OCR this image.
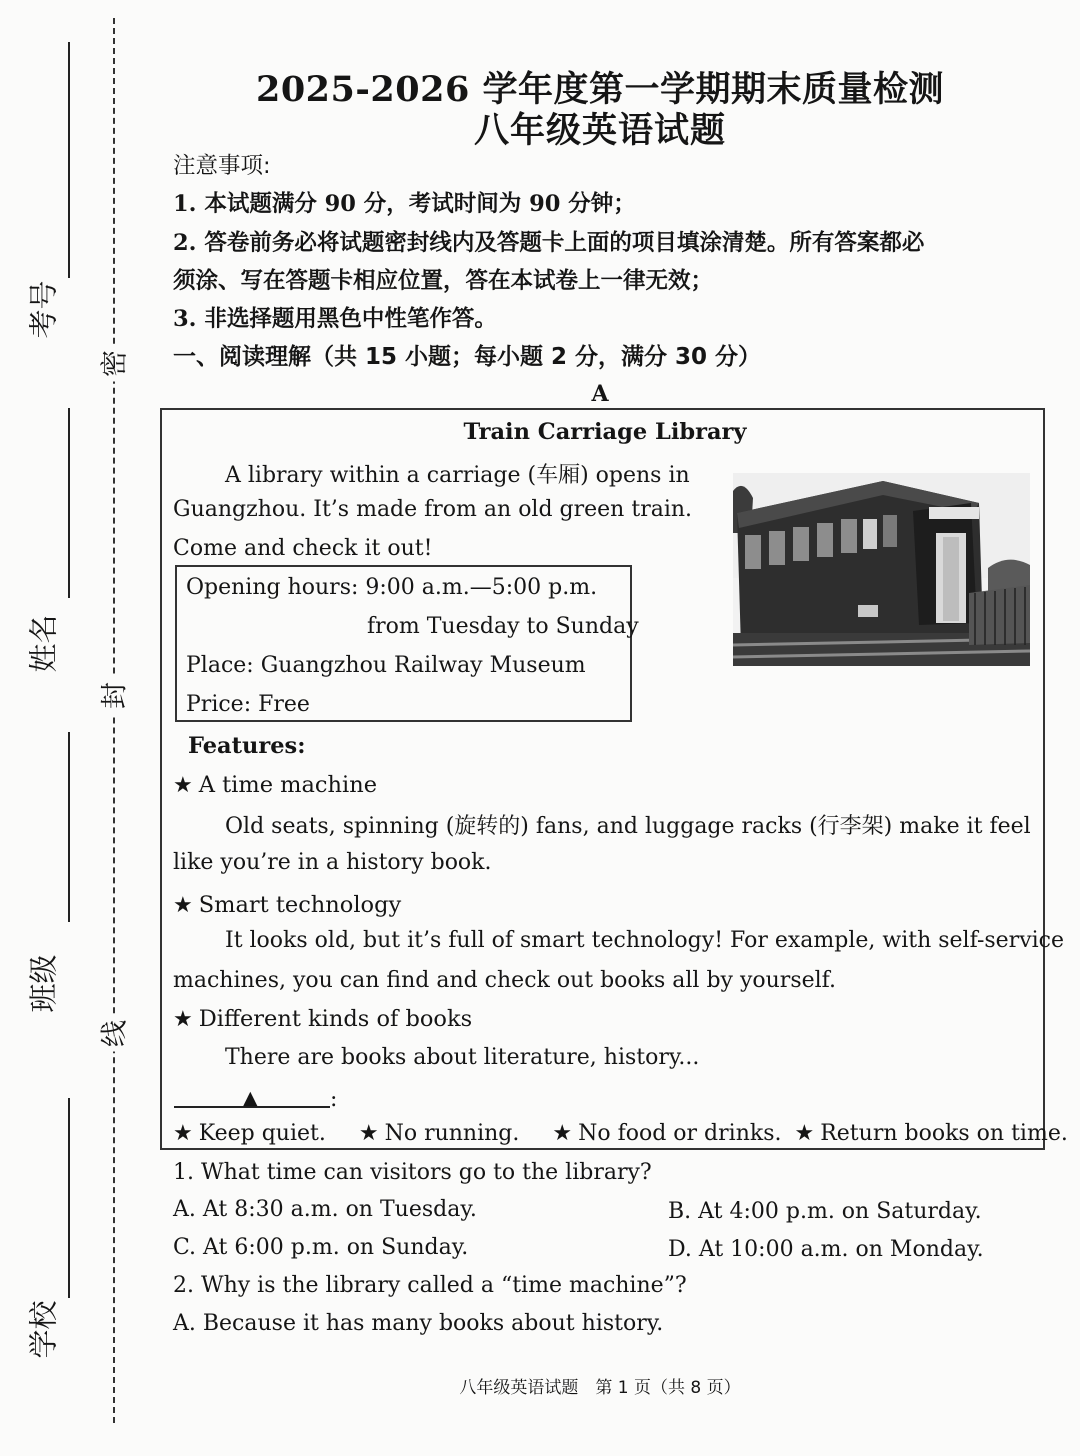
考号
姓名
班级
学校
密
封
线
2025-2026 学年度第一学期期末质量检测
八年级英语试题
注意事项:
1. 本试题满分 90 分，考试时间为 90 分钟；
2. 答卷前务必将试题密封线内及答题卡上面的项目填涂清楚。所有答案都必
须涂、写在答题卡相应位置，答在本试卷上一律无效；
3. 非选择题用黑色中性笔作答。
一、阅读理解（共 15 小题；每小题 2 分，满分 30 分）
A
Train Carriage Library
A library within a carriage (车厢) opens in
Guangzhou. It’s made from an old green train.
Come and check it out!
Opening hours: 9:00 a.m.—5:00 p.m.
from Tuesday to Sunday
Place: Guangzhou Railway Museum
Price: Free
Features:
★ A time machine
Old seats, spinning (旋转的) fans, and luggage racks (行李架) make it feel
like you’re in a history book.
★ Smart technology
It looks old, but it’s full of smart technology! For example, with self-service
machines, you can find and check out books all by yourself.
★ Different kinds of books
There are books about literature, history...
▲	:
★ Keep quiet. ★ No running. ★ No food or drinks. ★ Return books on time.
1. What time can visitors go to the library?
A. At 8:30 a.m. on Tuesday.	B. At 4:00 p.m. on Saturday.
C. At 6:00 p.m. on Sunday.	D. At 10:00 a.m. on Monday.
2. Why is the library called a “time machine”?
A. Because it has many books about history.
八年级英语试题　第 1 页（共 8 页）
